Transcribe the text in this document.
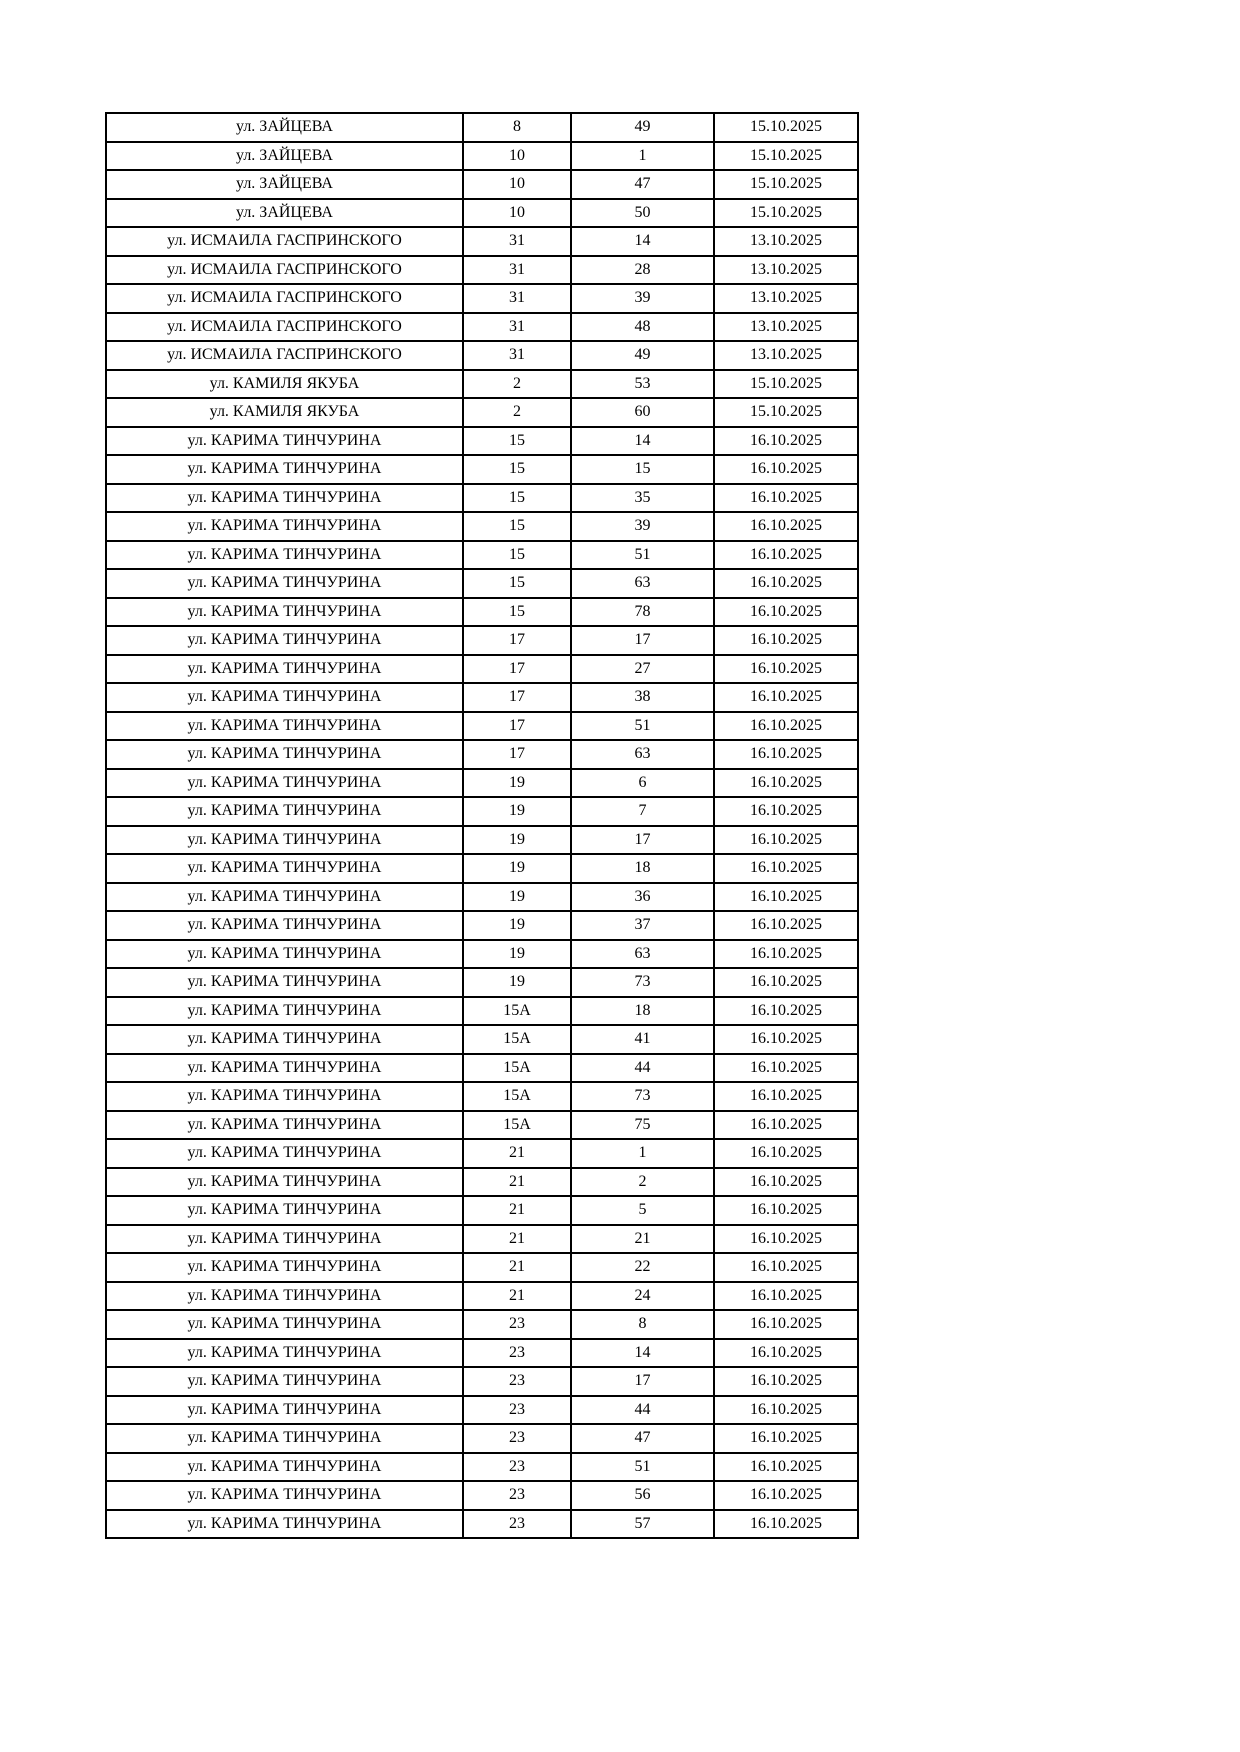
ул. ЗАЙЦЕВА	8	49	15.10.2025
ул. ЗАЙЦЕВА	10	1	15.10.2025
ул. ЗАЙЦЕВА	10	47	15.10.2025
ул. ЗАЙЦЕВА	10	50	15.10.2025
ул. ИСМАИЛА ГАСПРИНСКОГО	31	14	13.10.2025
ул. ИСМАИЛА ГАСПРИНСКОГО	31	28	13.10.2025
ул. ИСМАИЛА ГАСПРИНСКОГО	31	39	13.10.2025
ул. ИСМАИЛА ГАСПРИНСКОГО	31	48	13.10.2025
ул. ИСМАИЛА ГАСПРИНСКОГО	31	49	13.10.2025
ул. КАМИЛЯ ЯКУБА	2	53	15.10.2025
ул. КАМИЛЯ ЯКУБА	2	60	15.10.2025
ул. КАРИМА ТИНЧУРИНА	15	14	16.10.2025
ул. КАРИМА ТИНЧУРИНА	15	15	16.10.2025
ул. КАРИМА ТИНЧУРИНА	15	35	16.10.2025
ул. КАРИМА ТИНЧУРИНА	15	39	16.10.2025
ул. КАРИМА ТИНЧУРИНА	15	51	16.10.2025
ул. КАРИМА ТИНЧУРИНА	15	63	16.10.2025
ул. КАРИМА ТИНЧУРИНА	15	78	16.10.2025
ул. КАРИМА ТИНЧУРИНА	17	17	16.10.2025
ул. КАРИМА ТИНЧУРИНА	17	27	16.10.2025
ул. КАРИМА ТИНЧУРИНА	17	38	16.10.2025
ул. КАРИМА ТИНЧУРИНА	17	51	16.10.2025
ул. КАРИМА ТИНЧУРИНА	17	63	16.10.2025
ул. КАРИМА ТИНЧУРИНА	19	6	16.10.2025
ул. КАРИМА ТИНЧУРИНА	19	7	16.10.2025
ул. КАРИМА ТИНЧУРИНА	19	17	16.10.2025
ул. КАРИМА ТИНЧУРИНА	19	18	16.10.2025
ул. КАРИМА ТИНЧУРИНА	19	36	16.10.2025
ул. КАРИМА ТИНЧУРИНА	19	37	16.10.2025
ул. КАРИМА ТИНЧУРИНА	19	63	16.10.2025
ул. КАРИМА ТИНЧУРИНА	19	73	16.10.2025
ул. КАРИМА ТИНЧУРИНА	15А	18	16.10.2025
ул. КАРИМА ТИНЧУРИНА	15А	41	16.10.2025
ул. КАРИМА ТИНЧУРИНА	15А	44	16.10.2025
ул. КАРИМА ТИНЧУРИНА	15А	73	16.10.2025
ул. КАРИМА ТИНЧУРИНА	15А	75	16.10.2025
ул. КАРИМА ТИНЧУРИНА	21	1	16.10.2025
ул. КАРИМА ТИНЧУРИНА	21	2	16.10.2025
ул. КАРИМА ТИНЧУРИНА	21	5	16.10.2025
ул. КАРИМА ТИНЧУРИНА	21	21	16.10.2025
ул. КАРИМА ТИНЧУРИНА	21	22	16.10.2025
ул. КАРИМА ТИНЧУРИНА	21	24	16.10.2025
ул. КАРИМА ТИНЧУРИНА	23	8	16.10.2025
ул. КАРИМА ТИНЧУРИНА	23	14	16.10.2025
ул. КАРИМА ТИНЧУРИНА	23	17	16.10.2025
ул. КАРИМА ТИНЧУРИНА	23	44	16.10.2025
ул. КАРИМА ТИНЧУРИНА	23	47	16.10.2025
ул. КАРИМА ТИНЧУРИНА	23	51	16.10.2025
ул. КАРИМА ТИНЧУРИНА	23	56	16.10.2025
ул. КАРИМА ТИНЧУРИНА	23	57	16.10.2025
